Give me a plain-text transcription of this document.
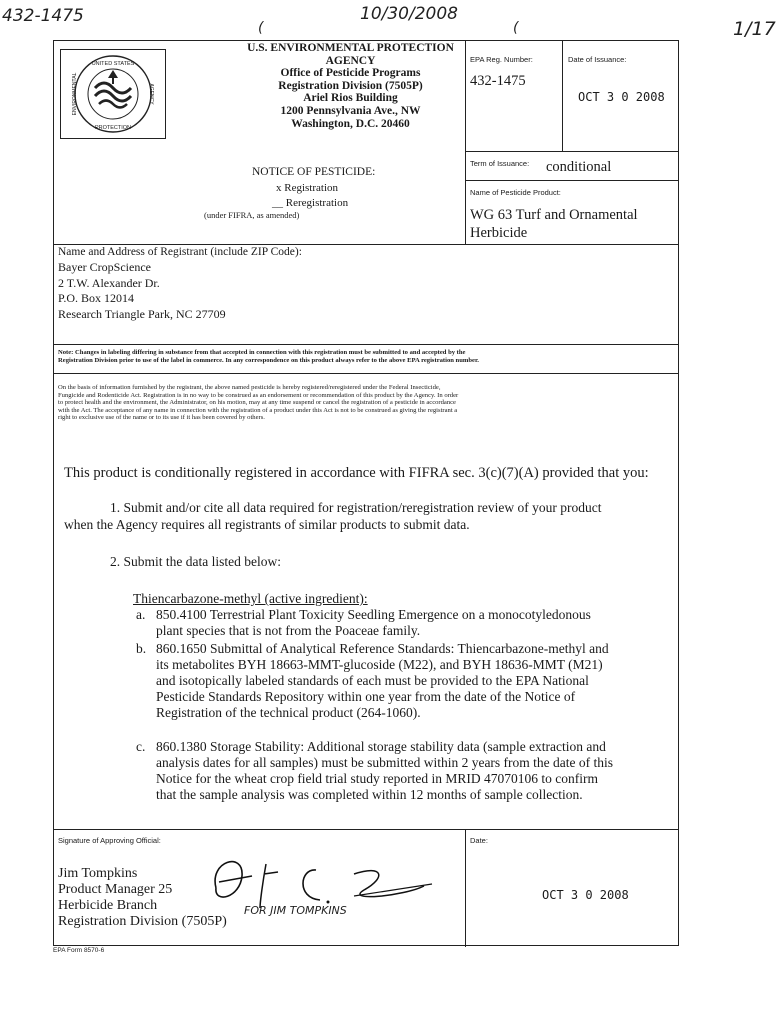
432-1475	10/30/2008
1/17
(	(
UNITED STATES
PROTECTION
ENVIRONMENTAL	AGENCY
U.S. ENVIRONMENTAL PROTECTION
AGENCY
Office of Pesticide Programs
Registration Division (7505P)
Ariel Rios Building
1200 Pennsylvania Ave., NW
Washington, D.C. 20460
NOTICE OF PESTICIDE:
x Registration
__ Reregistration
(under FIFRA, as amended)
EPA Reg. Number:
432-1475
Date of Issuance:
OCT 3 0 2008
Term of Issuance: conditional
Name of Pesticide Product:
WG 63 Turf and Ornamental
Herbicide
Name and Address of Registrant (include ZIP Code):
Bayer CropScience
2 T.W. Alexander Dr.
P.O. Box 12014
Research Triangle Park, NC 27709
Note: Changes in labeling differing in substance from that accepted in connection with this registration must be submitted to and accepted by the
Registration Division prior to use of the label in commerce. In any correspondence on this product always refer to the above EPA registration number.
On the basis of information furnished by the registrant, the above named pesticide is hereby registered/reregistered under the Federal Insecticide,
Fungicide and Rodenticide Act. Registration is in no way to be construed as an endorsement or recommendation of this product by the Agency. In order
to protect health and the environment, the Administrator, on his motion, may at any time suspend or cancel the registration of a pesticide in accordance
with the Act. The acceptance of any name in connection with the registration of a product under this Act is not to be construed as giving the registrant a
right to exclusive use of the name or to its use if it has been covered by others.
This product is conditionally registered in accordance with FIFRA sec. 3(c)(7)(A) provided that you:
1. Submit and/or cite all data required for registration/reregistration review of your product
when the Agency requires all registrants of similar products to submit data.
2. Submit the data listed below:
Thiencarbazone-methyl (active ingredient):
a. 850.4100 Terrestrial Plant Toxicity Seedling Emergence on a monocotyledonous
plant species that is not from the Poaceae family.
b. 860.1650 Submittal of Analytical Reference Standards: Thiencarbazone-methyl and
its metabolites BYH 18663-MMT-glucoside (M22), and BYH 18636-MMT (M21)
and isotopically labeled standards of each must be provided to the EPA National
Pesticide Standards Repository within one year from the date of the Notice of
Registration of the technical product (264-1060).
c. 860.1380 Storage Stability: Additional storage stability data (sample extraction and
analysis dates for all samples) must be submitted within 2 years from the date of this
Notice for the wheat crop field trial study reported in MRID 47070106 to confirm
that the sample analysis was completed within 12 months of sample collection.
Signature of Approving Official:
Jim Tompkins
Product Manager 25
Herbicide Branch
Registration Division (7505P)
FOR JIM TOMPKINS
Date:
OCT 3 0 2008
EPA Form 8570-6
